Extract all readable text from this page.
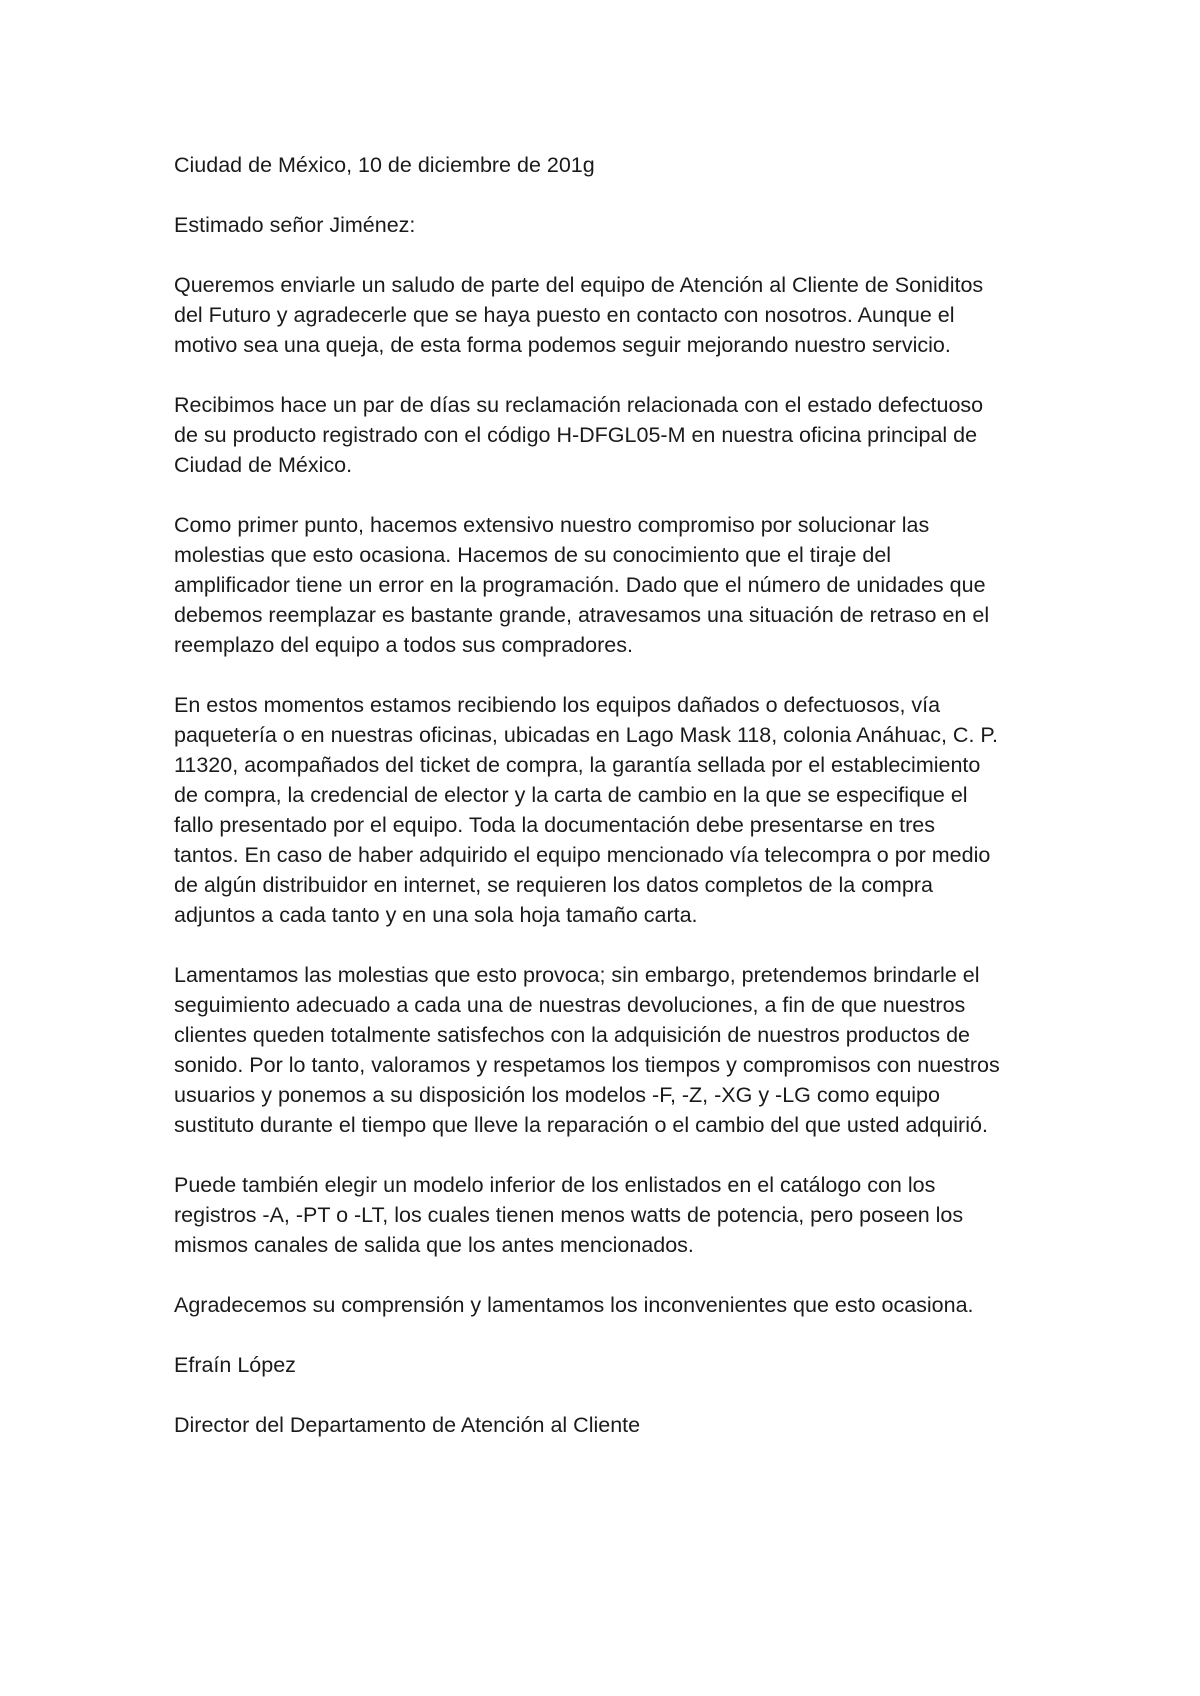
Ciudad de México, 10 de diciembre de 201g

Estimado señor Jiménez:

Queremos enviarle un saludo de parte del equipo de Atención al Cliente de Soniditos
del Futuro y agradecerle que se haya puesto en contacto con nosotros. Aunque el
motivo sea una queja, de esta forma podemos seguir mejorando nuestro servicio.

Recibimos hace un par de días su reclamación relacionada con el estado defectuoso
de su producto registrado con el código H-DFGL05-M en nuestra oficina principal de
Ciudad de México.

Como primer punto, hacemos extensivo nuestro compromiso por solucionar las
molestias que esto ocasiona. Hacemos de su conocimiento que el tiraje del
amplificador tiene un error en la programación. Dado que el número de unidades que
debemos reemplazar es bastante grande, atravesamos una situación de retraso en el
reemplazo del equipo a todos sus compradores.

En estos momentos estamos recibiendo los equipos dañados o defectuosos, vía
paquetería o en nuestras oficinas, ubicadas en Lago Mask 118, colonia Anáhuac, C. P.
11320, acompañados del ticket de compra, la garantía sellada por el establecimiento
de compra, la credencial de elector y la carta de cambio en la que se especifique el
fallo presentado por el equipo. Toda la documentación debe presentarse en tres
tantos. En caso de haber adquirido el equipo mencionado vía telecompra o por medio
de algún distribuidor en internet, se requieren los datos completos de la compra
adjuntos a cada tanto y en una sola hoja tamaño carta.

Lamentamos las molestias que esto provoca; sin embargo, pretendemos brindarle el
seguimiento adecuado a cada una de nuestras devoluciones, a fin de que nuestros
clientes queden totalmente satisfechos con la adquisición de nuestros productos de
sonido. Por lo tanto, valoramos y respetamos los tiempos y compromisos con nuestros
usuarios y ponemos a su disposición los modelos -F, -Z, -XG y -LG como equipo
sustituto durante el tiempo que lleve la reparación o el cambio del que usted adquirió.

Puede también elegir un modelo inferior de los enlistados en el catálogo con los
registros -A, -PT o -LT, los cuales tienen menos watts de potencia, pero poseen los
mismos canales de salida que los antes mencionados.

Agradecemos su comprensión y lamentamos los inconvenientes que esto ocasiona.

Efraín López

Director del Departamento de Atención al Cliente
